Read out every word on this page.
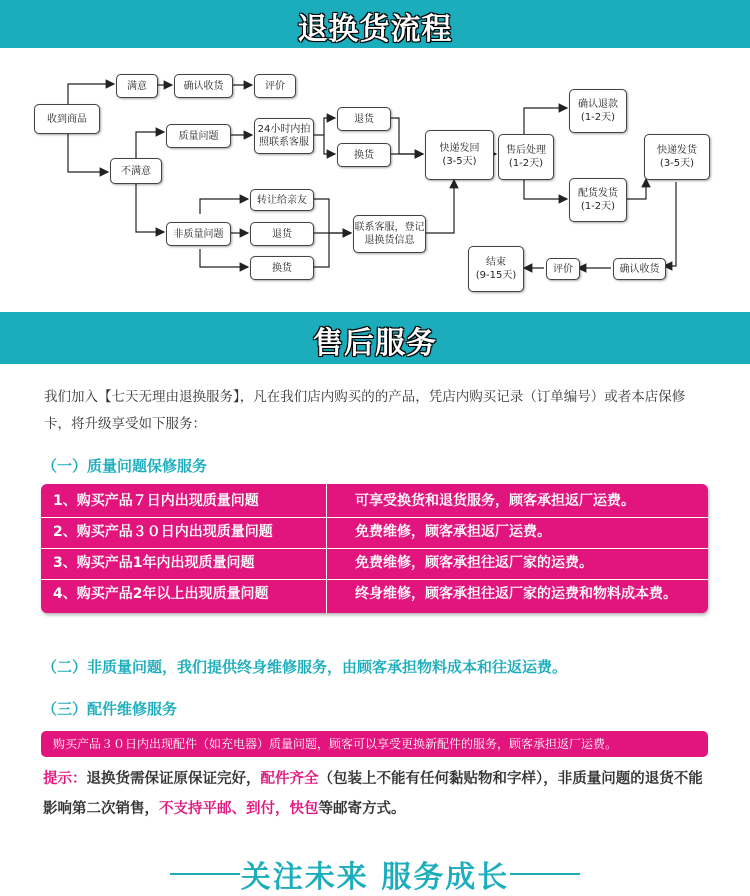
退换货流程
收到商品
满意	确认收货	评价
质量问题
24小时内拍照联系客服
退货
换货
快递发回
(3-5天)
售后处理
(1-2天)
确认退款
(1-2天)
配货发货
(1-2天)
快递发货
(3-5天)
不满意
非质量问题
转让给亲友
退货
换货
联系客服，登记退换货信息
结束
(9-15天)
评价	确认收货
售后服务

我们加入【七天无理由退换服务】，凡在我们店内购买的的产品，凭店内购买记录（订单编号）或者本店保修卡，将升级享受如下服务：

（一）质量问题保修服务

1、购买产品７日内出现质量问题	可享受换货和退货服务，顾客承担返厂运费。
2、购买产品３０日内出现质量问题	免费维修，顾客承担返厂运费。
3、购买产品1年内出现质量问题	免费维修，顾客承担往返厂家的运费。
4、购买产品2年以上出现质量问题	终身维修，顾客承担往返厂家的运费和物料成本费。

（二）非质量问题，我们提供终身维修服务，由顾客承担物料成本和往返运费。

（三）配件维修服务

购买产品３０日内出现配件（如充电器）质量问题，顾客可以享受更换新配件的服务，顾客承担返厂运费。

提示：退换货需保证原保证完好，配件齐全（包装上不能有任何黏贴物和字样），非质量问题的退货不能影响第二次销售，不支持平邮、到付，快包等邮寄方式。

关注未来 服务成长
